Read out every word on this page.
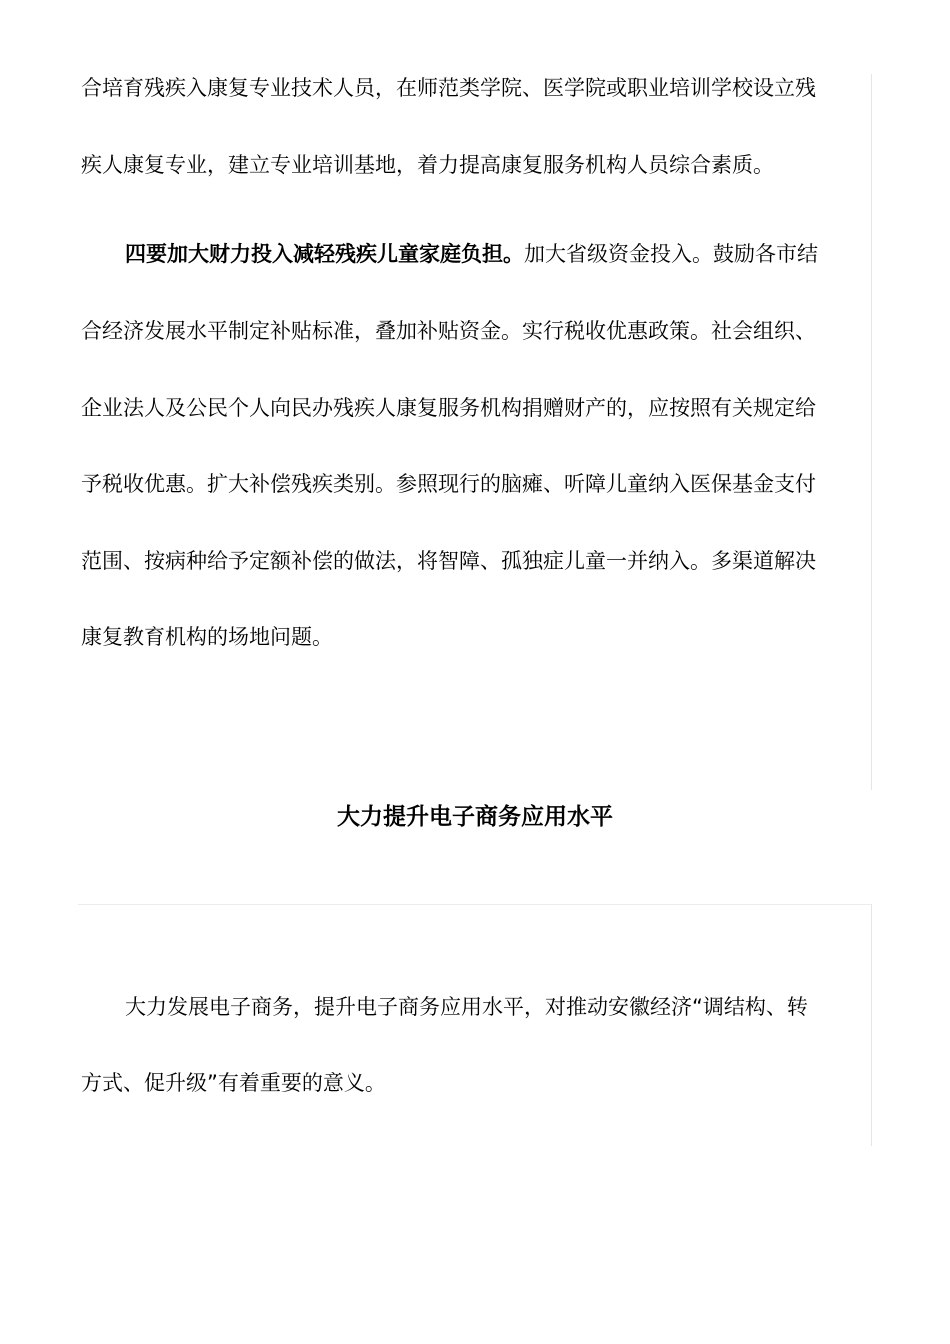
合培育残疾入康复专业技术人员，在师范类学院、医学院或职业培训学校设立残
疾人康复专业，建立专业培训基地，着力提高康复服务机构人员综合素质。
四要加大财力投入减轻残疾儿童家庭负担。加大省级资金投入。鼓励各市结
合经济发展水平制定补贴标准，叠加补贴资金。实行税收优惠政策。社会组织、
企业法人及公民个人向民办残疾人康复服务机构捐赠财产的，应按照有关规定给
予税收优惠。扩大补偿残疾类别。参照现行的脑瘫、听障儿童纳入医保基金支付
范围、按病种给予定额补偿的做法，将智障、孤独症儿童一并纳入。多渠道解决
康复教育机构的场地问题。
大力提升电子商务应用水平
大力发展电子商务，提升电子商务应用水平，对推动安徽经济“调结构、转
方式、促升级”有着重要的意义。
